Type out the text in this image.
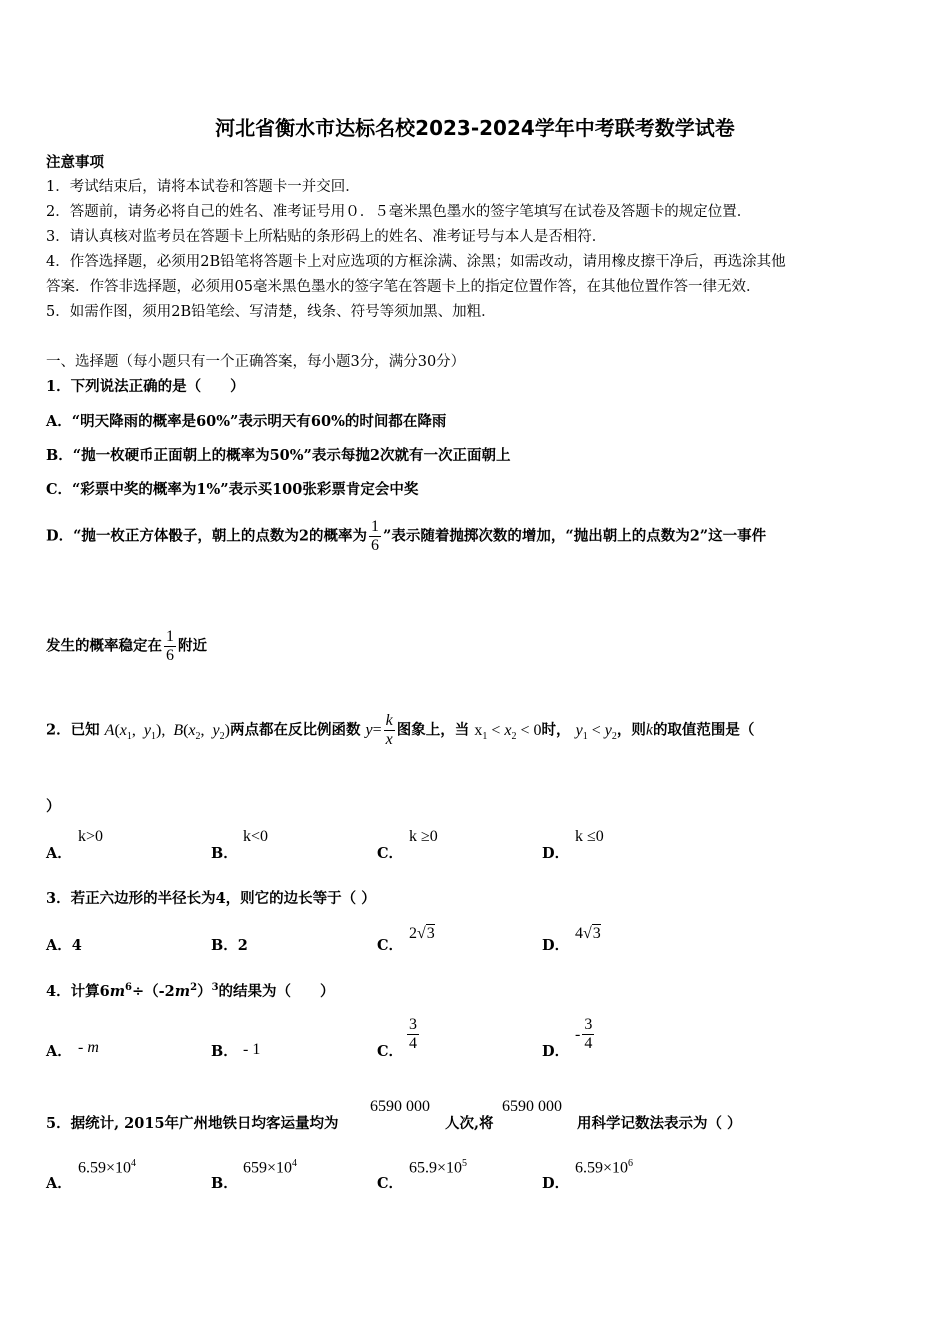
河北省衡水市达标名校2023-2024学年中考联考数学试卷
注意事项
1．考试结束后，请将本试卷和答题卡一并交回．
2．答题前，请务必将自己的姓名、准考证号用０．５毫米黑色墨水的签字笔填写在试卷及答题卡的规定位置．
3．请认真核对监考员在答题卡上所粘贴的条形码上的姓名、准考证号与本人是否相符．
4．作答选择题，必须用2B铅笔将答题卡上对应选项的方框涂满、涂黑；如需改动，请用橡皮擦干净后，再选涂其他
答案．作答非选择题，必须用05毫米黑色墨水的签字笔在答题卡上的指定位置作答，在其他位置作答一律无效．
5．如需作图，须用2B铅笔绘、写清楚，线条、符号等须加黑、加粗．
一、选择题（每小题只有一个正确答案，每小题3分，满分30分）
1．下列说法正确的是（　　）
A．“明天降雨的概率是60%”表示明天有60%的时间都在降雨
B．“抛一枚硬币正面朝上的概率为50%”表示每抛2次就有一次正面朝上
C．“彩票中奖的概率为1%”表示买100张彩票肯定会中奖
D．“抛一枚正方体骰子，朝上的点数为2的概率为 $\frac{1}{6}$ ”表示随着抛掷次数的增加，“抛出朝上的点数为2”这一事件
发生的概率稳定在 $\frac{1}{6}$ 附近
2．已知 $A(x_1$,  $y_1$),  $B(x_2$,  $y_2$)两点都在反比例函数 $y= \frac{k}{x}$ 图象上，当 $x_1 < x_2 < 0$时， $y_1 < y_2$，则k的取值范围是（
）
A．
k>0
B．
k<0
C．
k ≥0
D．
k ≤0
3．若正六边形的半径长为4，则它的边长等于（ ）
A．4	B．2	C．
2√3
D．
4√3
4．计算$6m^6\div(-2m^2)^3$的结果为（　　）
A． - m	B． - 1	C． $\frac{3}{4}$	D．
- $\frac{3}{4}$
5．据统计, 2015年广州地铁日均客运量均为
6590 000
人次,将
6590 000
用科学记数法表示为（ ）
A．
$6.59\times 10^4$
B．
$659\times 10^4$
C．
$65.9\times 10^5$
D．
$6.59\times 10^6$
